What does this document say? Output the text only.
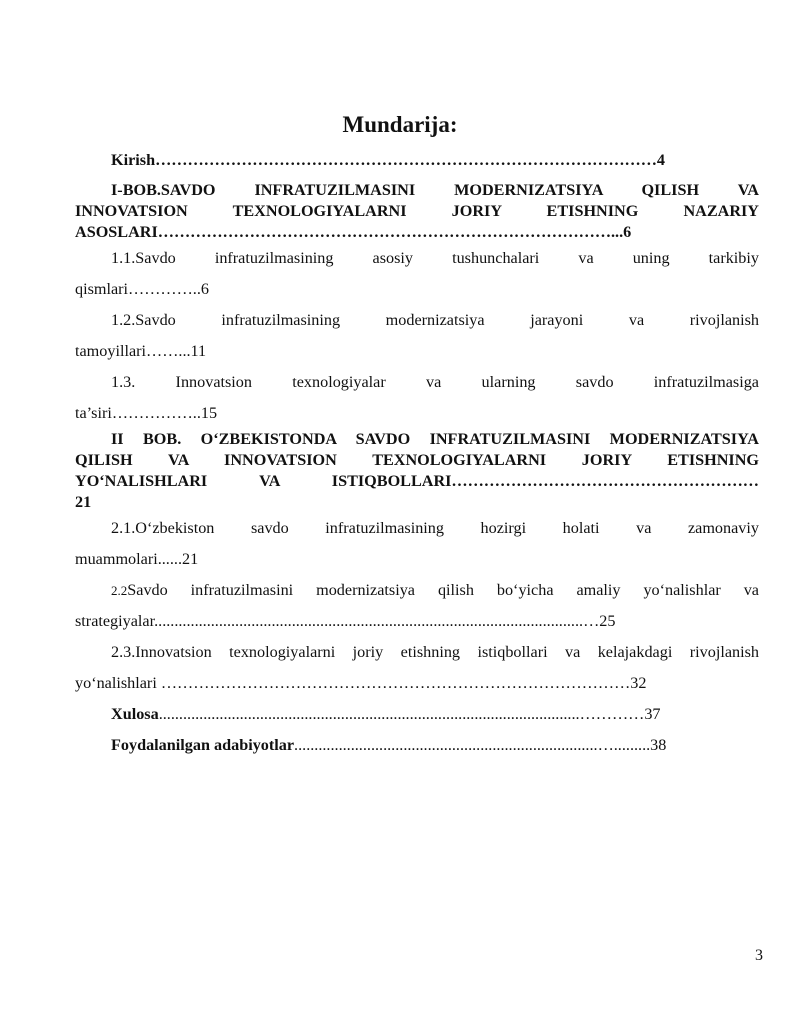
Mundarija:
Kirish…………………………………………………………………………………4
I-BOB.SAVDO INFRATUZILMASINI MODERNIZATSIYA QILISH VA
INNOVATSION TEXNOLOGIYALARNI JORIY ETISHNING NAZARIY
ASOSLARI…………………………………………………………………………...6
1.1.Savdo infratuzilmasining asosiy tushunchalari va uning tarkibiy
qismlari…………..6
1.2.Savdo infratuzilmasining modernizatsiya jarayoni va rivojlanish
tamoyillari……...11
1.3. Innovatsion texnologiyalar va ularning savdo infratuzilmasiga
ta’siri……………..15
II BOB. O‘ZBEKISTONDA SAVDO INFRATUZILMASINI MODERNIZATSIYA
QILISH VA INNOVATSION TEXNOLOGIYALARNI JORIY ETISHNING
YO‘NALISHLARI VA ISTIQBOLLARI…………………………………………………
21
2.1.O‘zbekiston savdo infratuzilmasining hozirgi holati va zamonaviy
muammolari......21
2.2Savdo infratuzilmasini modernizatsiya qilish bo‘yicha amaliy yo‘nalishlar va
strategiyalar..........................................................................................................…25
2.3.Innovatsion texnologiyalarni joriy etishning istiqbollari va kelajakdagi rivojlanish
yo‘nalishlari ……………………………………………………………………………32
Xulosa........................................................................................................…………37
Foydalanilgan adabiyotlar...........................................................................….........38
3
